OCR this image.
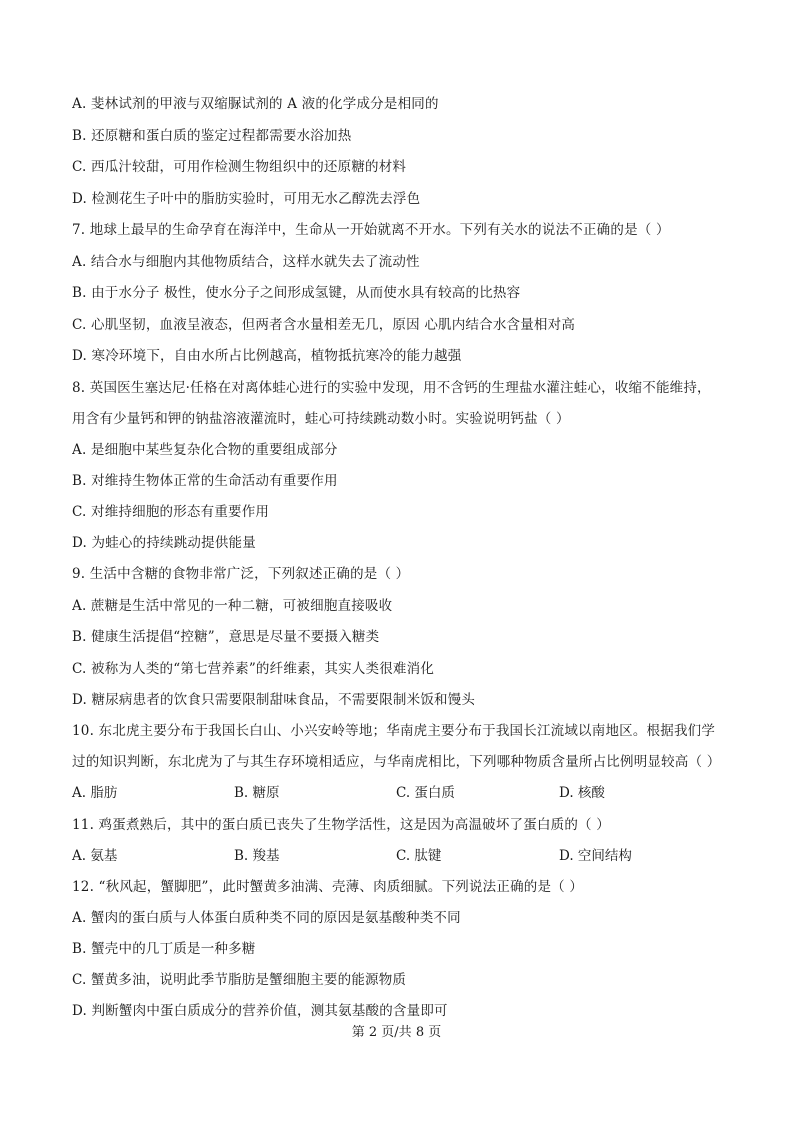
A. 斐林试剂的甲液与双缩脲试剂的 A 液的化学成分是相同的
B. 还原糖和蛋白质的鉴定过程都需要水浴加热
C. 西瓜汁较甜，可用作检测生物组织中的还原糖的材料
D. 检测花生子叶中的脂肪实验时，可用无水乙醇洗去浮色
7. 地球上最早的生命孕育在海洋中，生命从一开始就离不开水。下列有关水的说法不正确的是（ ）
A. 结合水与细胞内其他物质结合，这样水就失去了流动性
B. 由于水分子 极性，使水分子之间形成氢键，从而使水具有较高的比热容
C. 心肌坚韧，血液呈液态，但两者含水量相差无几，原因 心肌内结合水含量相对高
D. 寒冷环境下，自由水所占比例越高，植物抵抗寒冷的能力越强
8. 英国医生塞达尼·任格在对离体蛙心进行的实验中发现，用不含钙的生理盐水灌注蛙心，收缩不能维持，
用含有少量钙和钾的钠盐溶液灌流时，蛙心可持续跳动数小时。实验说明钙盐（ ）
A. 是细胞中某些复杂化合物的重要组成部分
B. 对维持生物体正常的生命活动有重要作用
C. 对维持细胞的形态有重要作用
D. 为蛙心的持续跳动提供能量
9. 生活中含糖的食物非常广泛，下列叙述正确的是（ ）
A. 蔗糖是生活中常见的一种二糖，可被细胞直接吸收
B. 健康生活提倡“控糖”，意思是尽量不要摄入糖类
C. 被称为人类的“第七营养素”的纤维素，其实人类很难消化
D. 糖尿病患者的饮食只需要限制甜味食品，不需要限制米饭和馒头
10. 东北虎主要分布于我国长白山、小兴安岭等地；华南虎主要分布于我国长江流域以南地区。根据我们学
过的知识判断，东北虎为了与其生存环境相适应，与华南虎相比，下列哪种物质含量所占比例明显较高（ ）
A. 脂肪	B. 糖原	C. 蛋白质	D. 核酸
11. 鸡蛋煮熟后，其中的蛋白质已丧失了生物学活性，这是因为高温破坏了蛋白质的（ ）
A. 氨基	B. 羧基	C. 肽键	D. 空间结构
12. “秋风起，蟹脚肥”，此时蟹黄多油满、壳薄、肉质细腻。下列说法正确的是（ ）
A. 蟹肉的蛋白质与人体蛋白质种类不同的原因是氨基酸种类不同
B. 蟹壳中的几丁质是一种多糖
C. 蟹黄多油，说明此季节脂肪是蟹细胞主要的能源物质
D. 判断蟹肉中蛋白质成分的营养价值，测其氨基酸的含量即可
第 2 页/共 8 页
